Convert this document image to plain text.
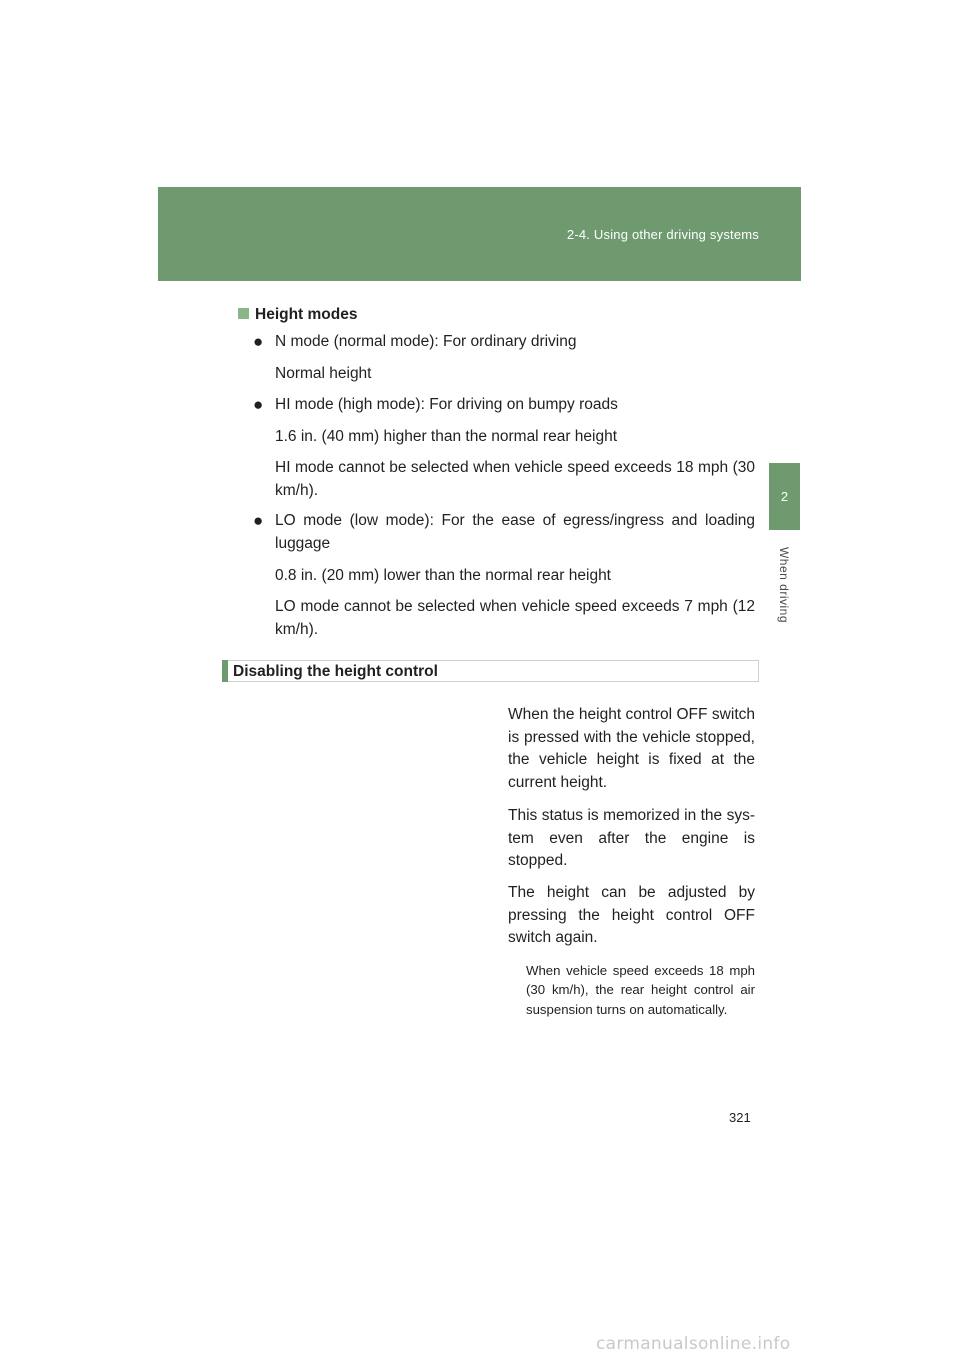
2-4. Using other driving systems
2
When driving
Height modes
● N mode (normal mode): For ordinary driving
Normal height
● HI mode (high mode): For driving on bumpy roads
1.6 in. (40 mm) higher than the normal rear height
HI mode cannot be selected when vehicle speed exceeds 18 mph (30 km/h).
● LO mode (low mode): For the ease of egress/ingress and loading luggage
0.8 in. (20 mm) lower than the normal rear height
LO mode cannot be selected when vehicle speed exceeds 7 mph (12 km/h).
Disabling the height control
When the height control OFF switch is pressed with the vehicle stopped, the vehicle height is fixed at the current height.
This status is memorized in the sys-tem even after the engine is stopped.
The height can be adjusted by pressing the height control OFF switch again.
When vehicle speed exceeds 18 mph (30 km/h), the rear height control air suspension turns on automatically.
321
carmanualsonline.info
